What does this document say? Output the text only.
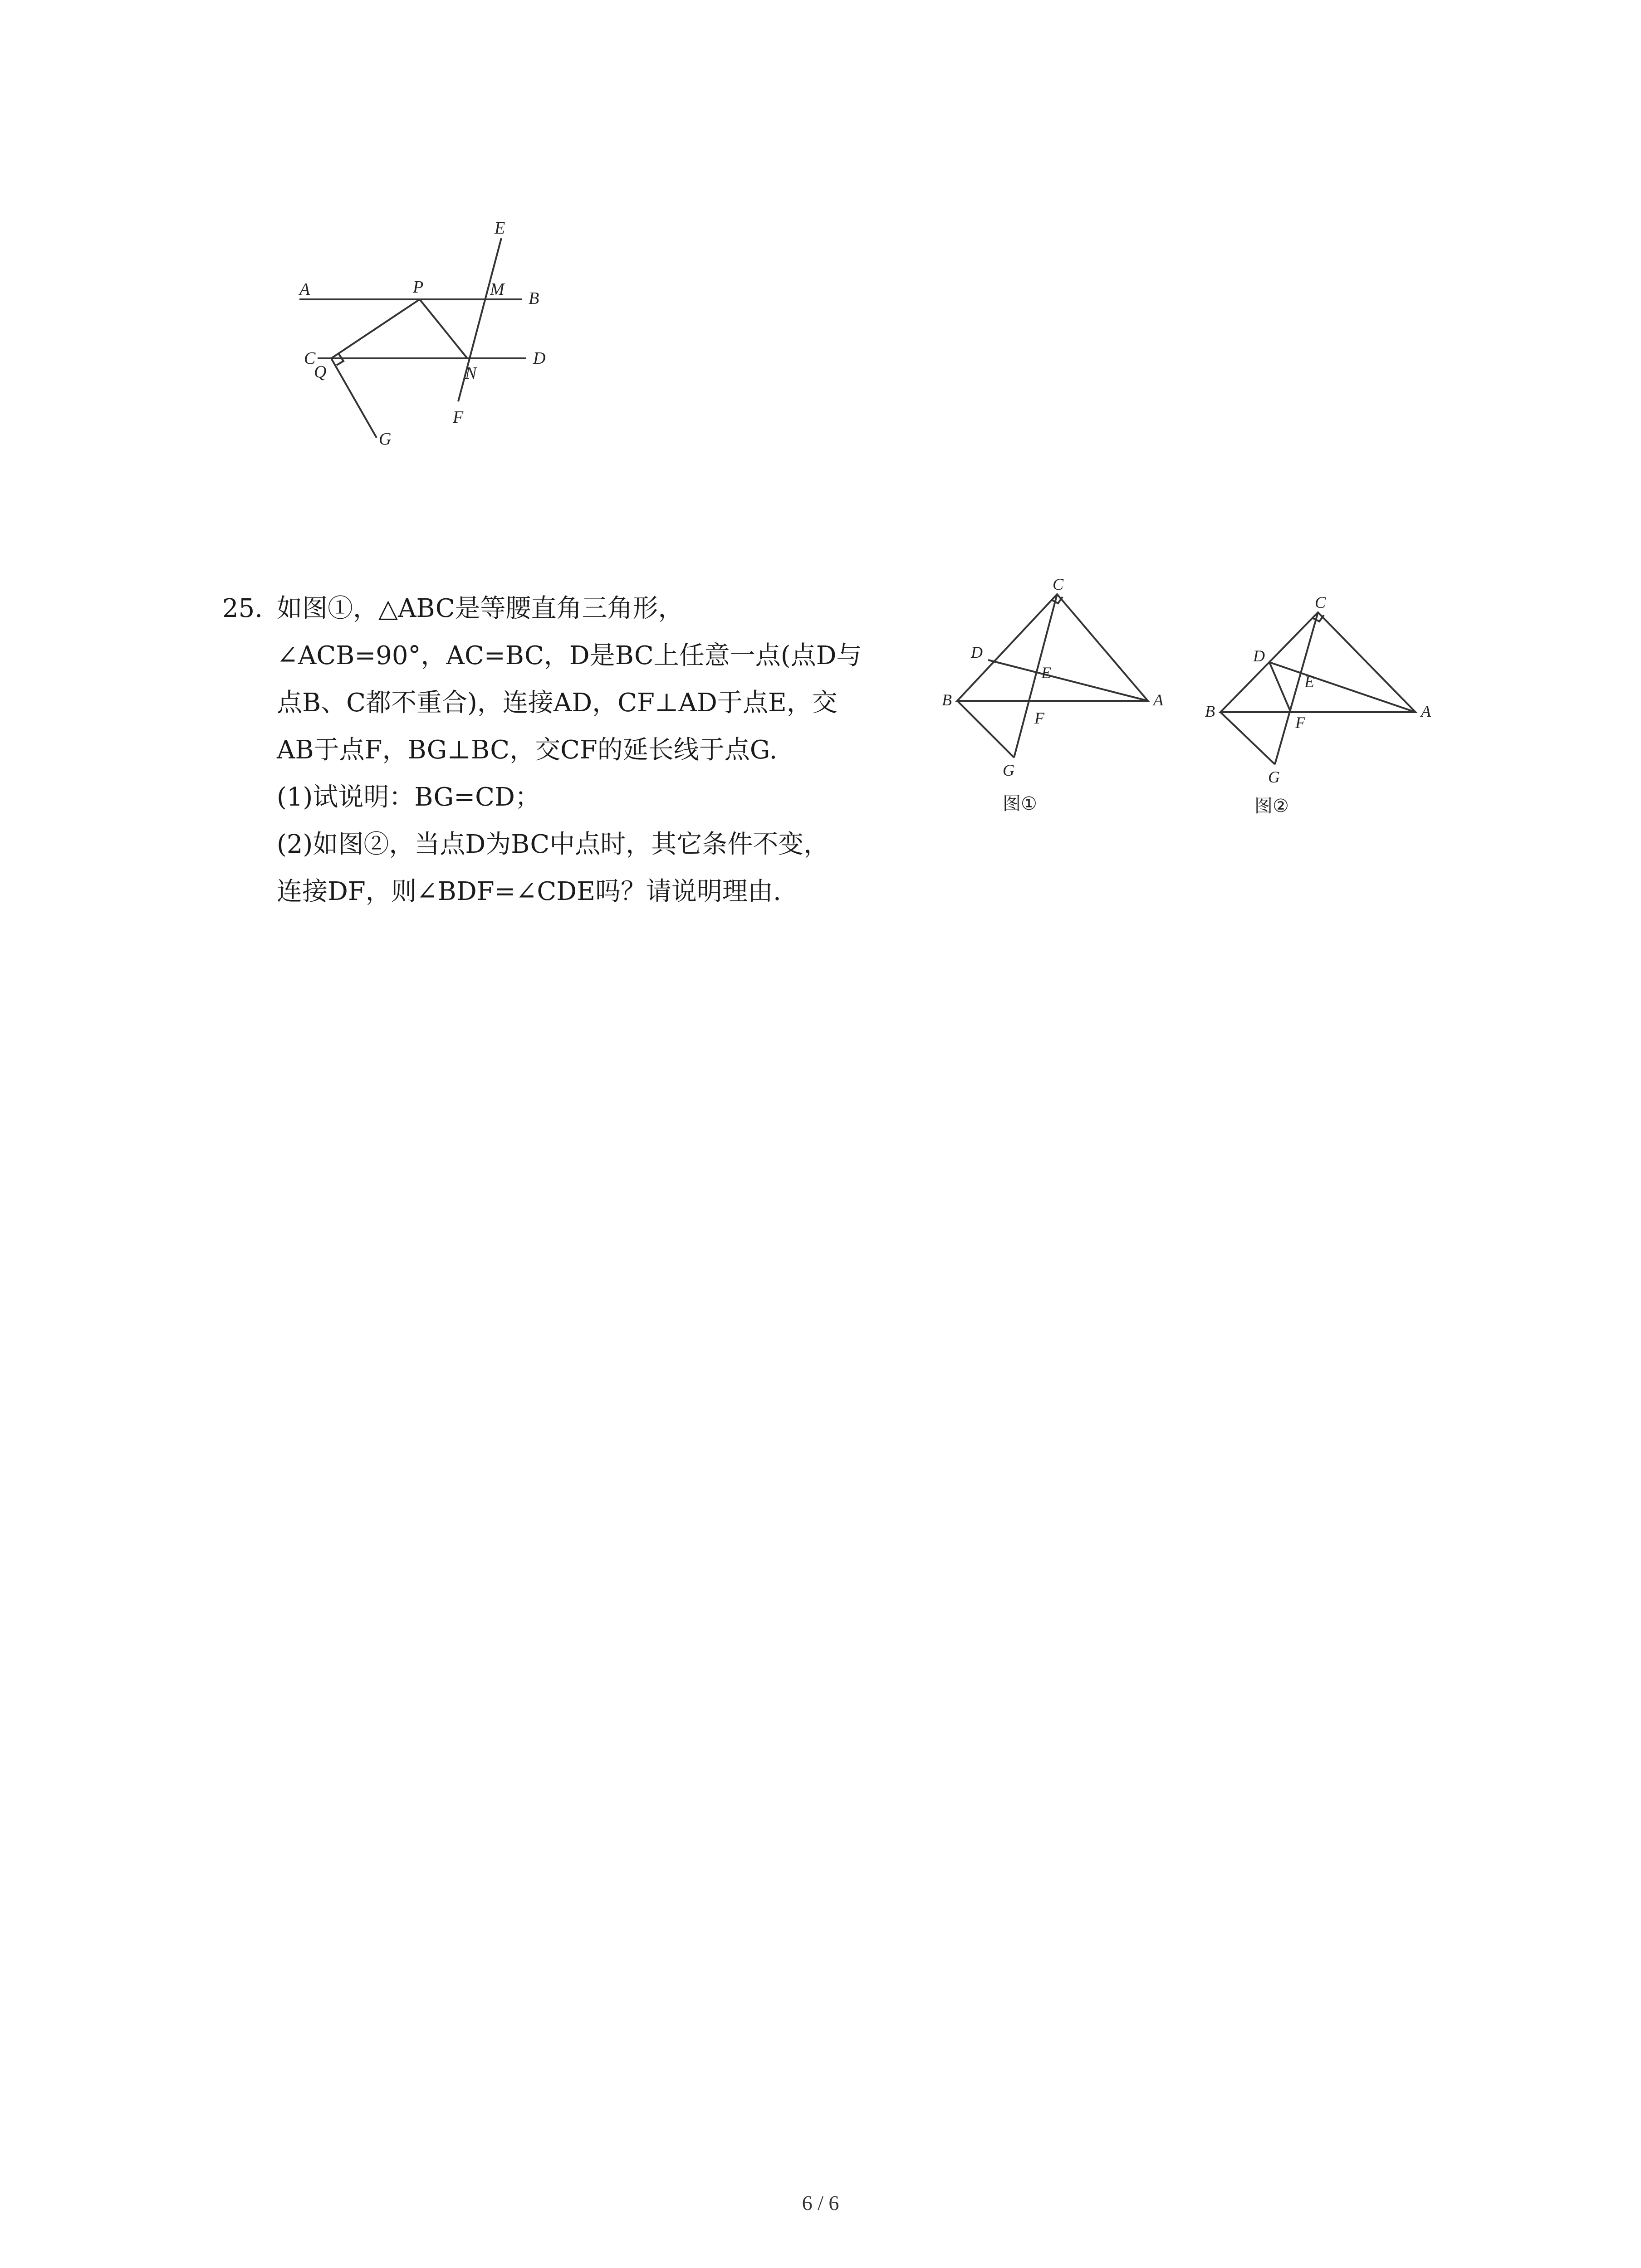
A	B
C	D
E
F
G
M
N
P
Q
25. 如图①，△ABC是等腰直角三角形，
∠ACB=90°，AC=BC，D是BC上任意一点(点D与
点B、C都不重合)，连接AD，CF⊥AD于点E，交
AB于点F，BG⊥BC，交CF的延长线于点G.
(1)试说明：BG=CD；
(2)如图②，当点D为BC中点时，其它条件不变，
连接DF，则∠BDF=∠CDE吗？请说明理由.
C
D
E
A
B
F
G
图①
C
D
E
A
B
F
G
图②
6 / 6
